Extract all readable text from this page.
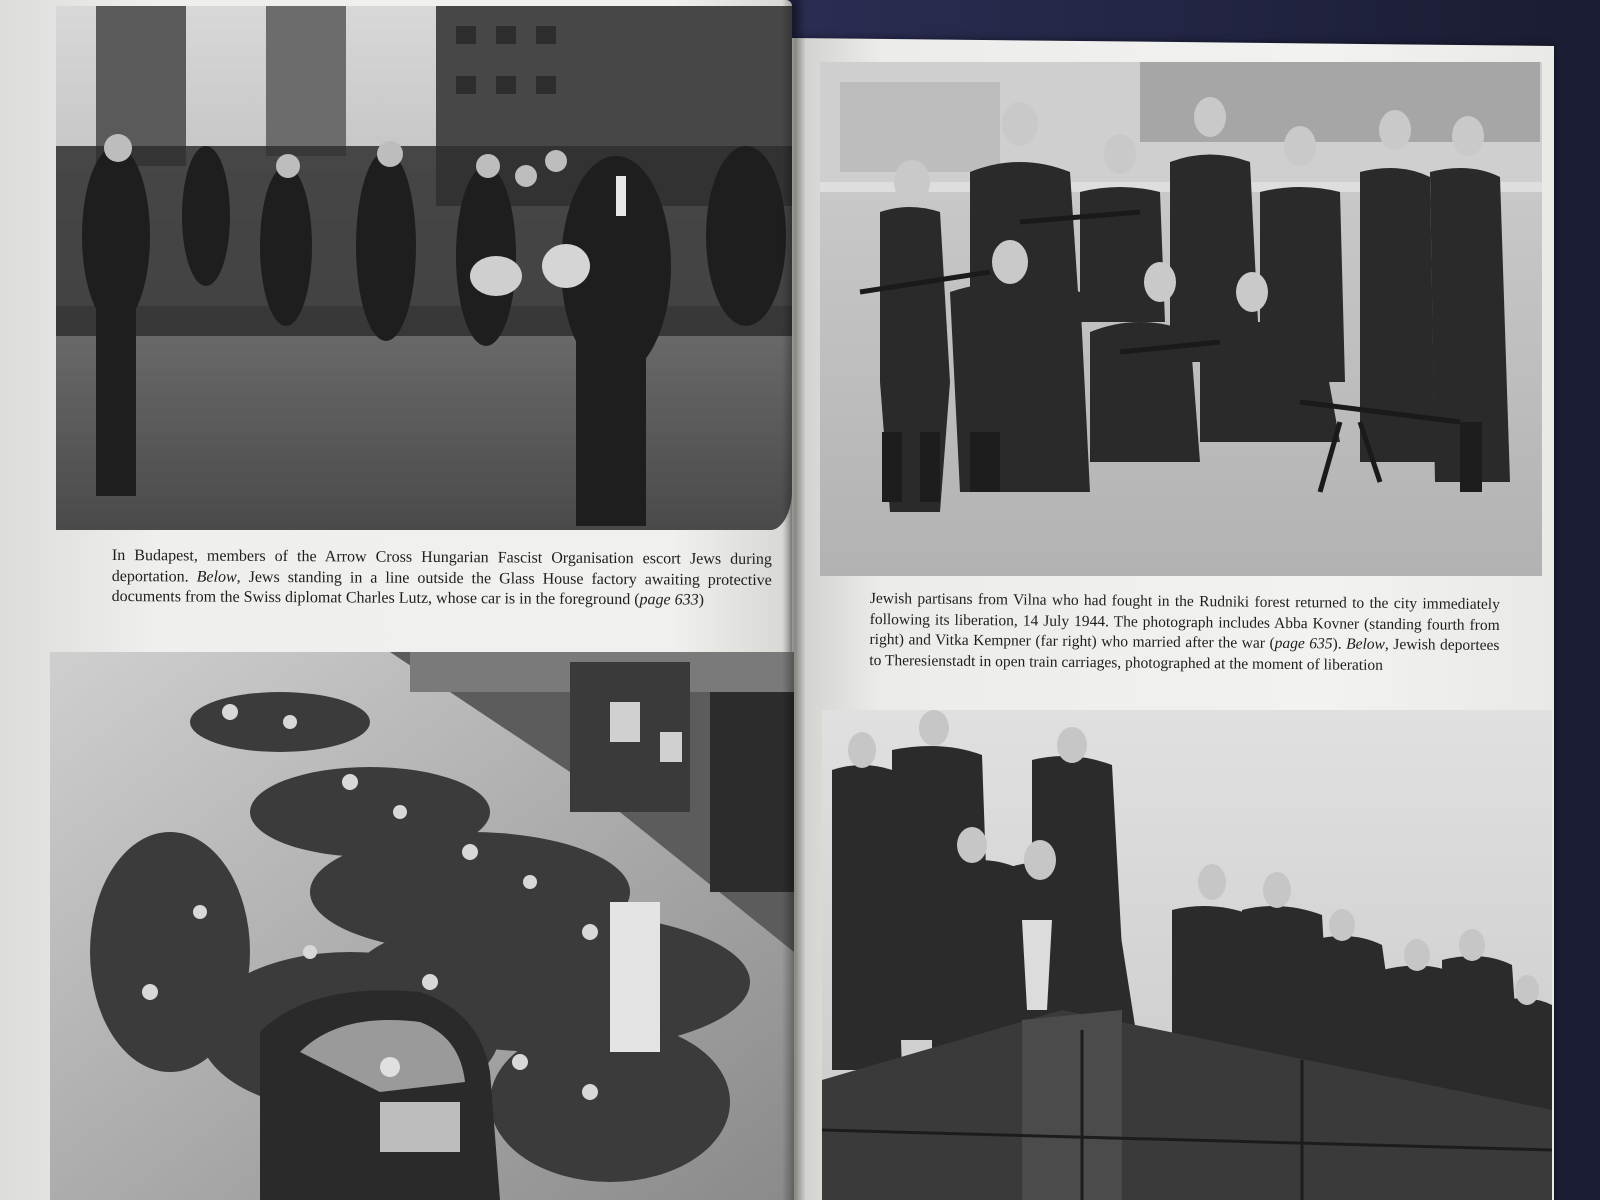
In Budapest, members of the Arrow Cross Hungarian Fascist Organisation escort Jews during deportation. Below, Jews standing in a line outside the Glass House factory awaiting protective documents from the Swiss diplomat Charles Lutz, whose car is in the foreground (page 633)	Jewish partisans from Vilna who had fought in the Rudniki forest returned to the city immediately following its liberation, 14 July 1944. The photograph includes Abba Kovner (standing fourth from right) and Vitka Kempner (far right) who married after the war (page 635). Below, Jewish deportees to Theresienstadt in open train carriages, photographed at the moment of liberation
